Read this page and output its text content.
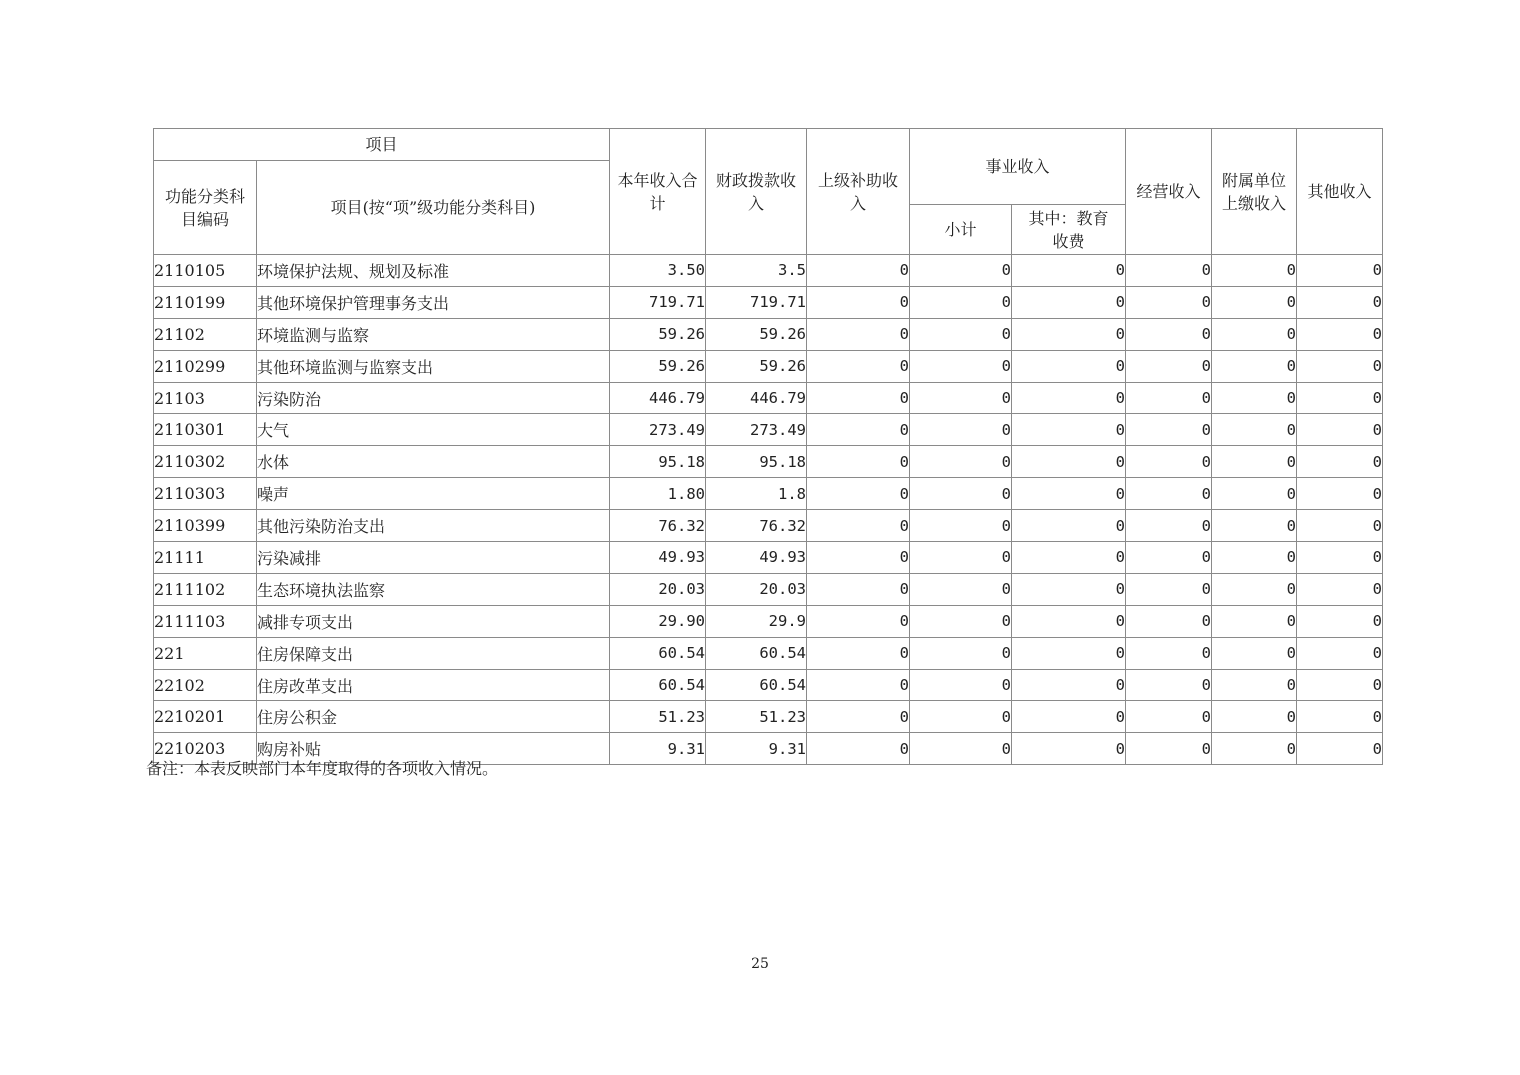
项目		本年收入合计	财政拨款收入	上级补助收入	事业收入		经营收入	附属单位上缴收入	其他收入
功能分类科目编码	项目(按“项”级功能分类科目)								
					小计	其中：教育收费			
2110105	环境保护法规、规划及标准	3.50	3.5	0	0	0	0	0	0
2110199	其他环境保护管理事务支出	719.71	719.71	0	0	0	0	0	0
21102	环境监测与监察	59.26	59.26	0	0	0	0	0	0
2110299	其他环境监测与监察支出	59.26	59.26	0	0	0	0	0	0
21103	污染防治	446.79	446.79	0	0	0	0	0	0
2110301	大气	273.49	273.49	0	0	0	0	0	0
2110302	水体	95.18	95.18	0	0	0	0	0	0
2110303	噪声	1.80	1.8	0	0	0	0	0	0
2110399	其他污染防治支出	76.32	76.32	0	0	0	0	0	0
21111	污染减排	49.93	49.93	0	0	0	0	0	0
2111102	生态环境执法监察	20.03	20.03	0	0	0	0	0	0
2111103	减排专项支出	29.90	29.9	0	0	0	0	0	0
221	住房保障支出	60.54	60.54	0	0	0	0	0	0
22102	住房改革支出	60.54	60.54	0	0	0	0	0	0
2210201	住房公积金	51.23	51.23	0	0	0	0	0	0
2210203	购房补贴	9.31	9.31	0	0	0	0	0	0
备注：本表反映部门本年度取得的各项收入情况。
25
